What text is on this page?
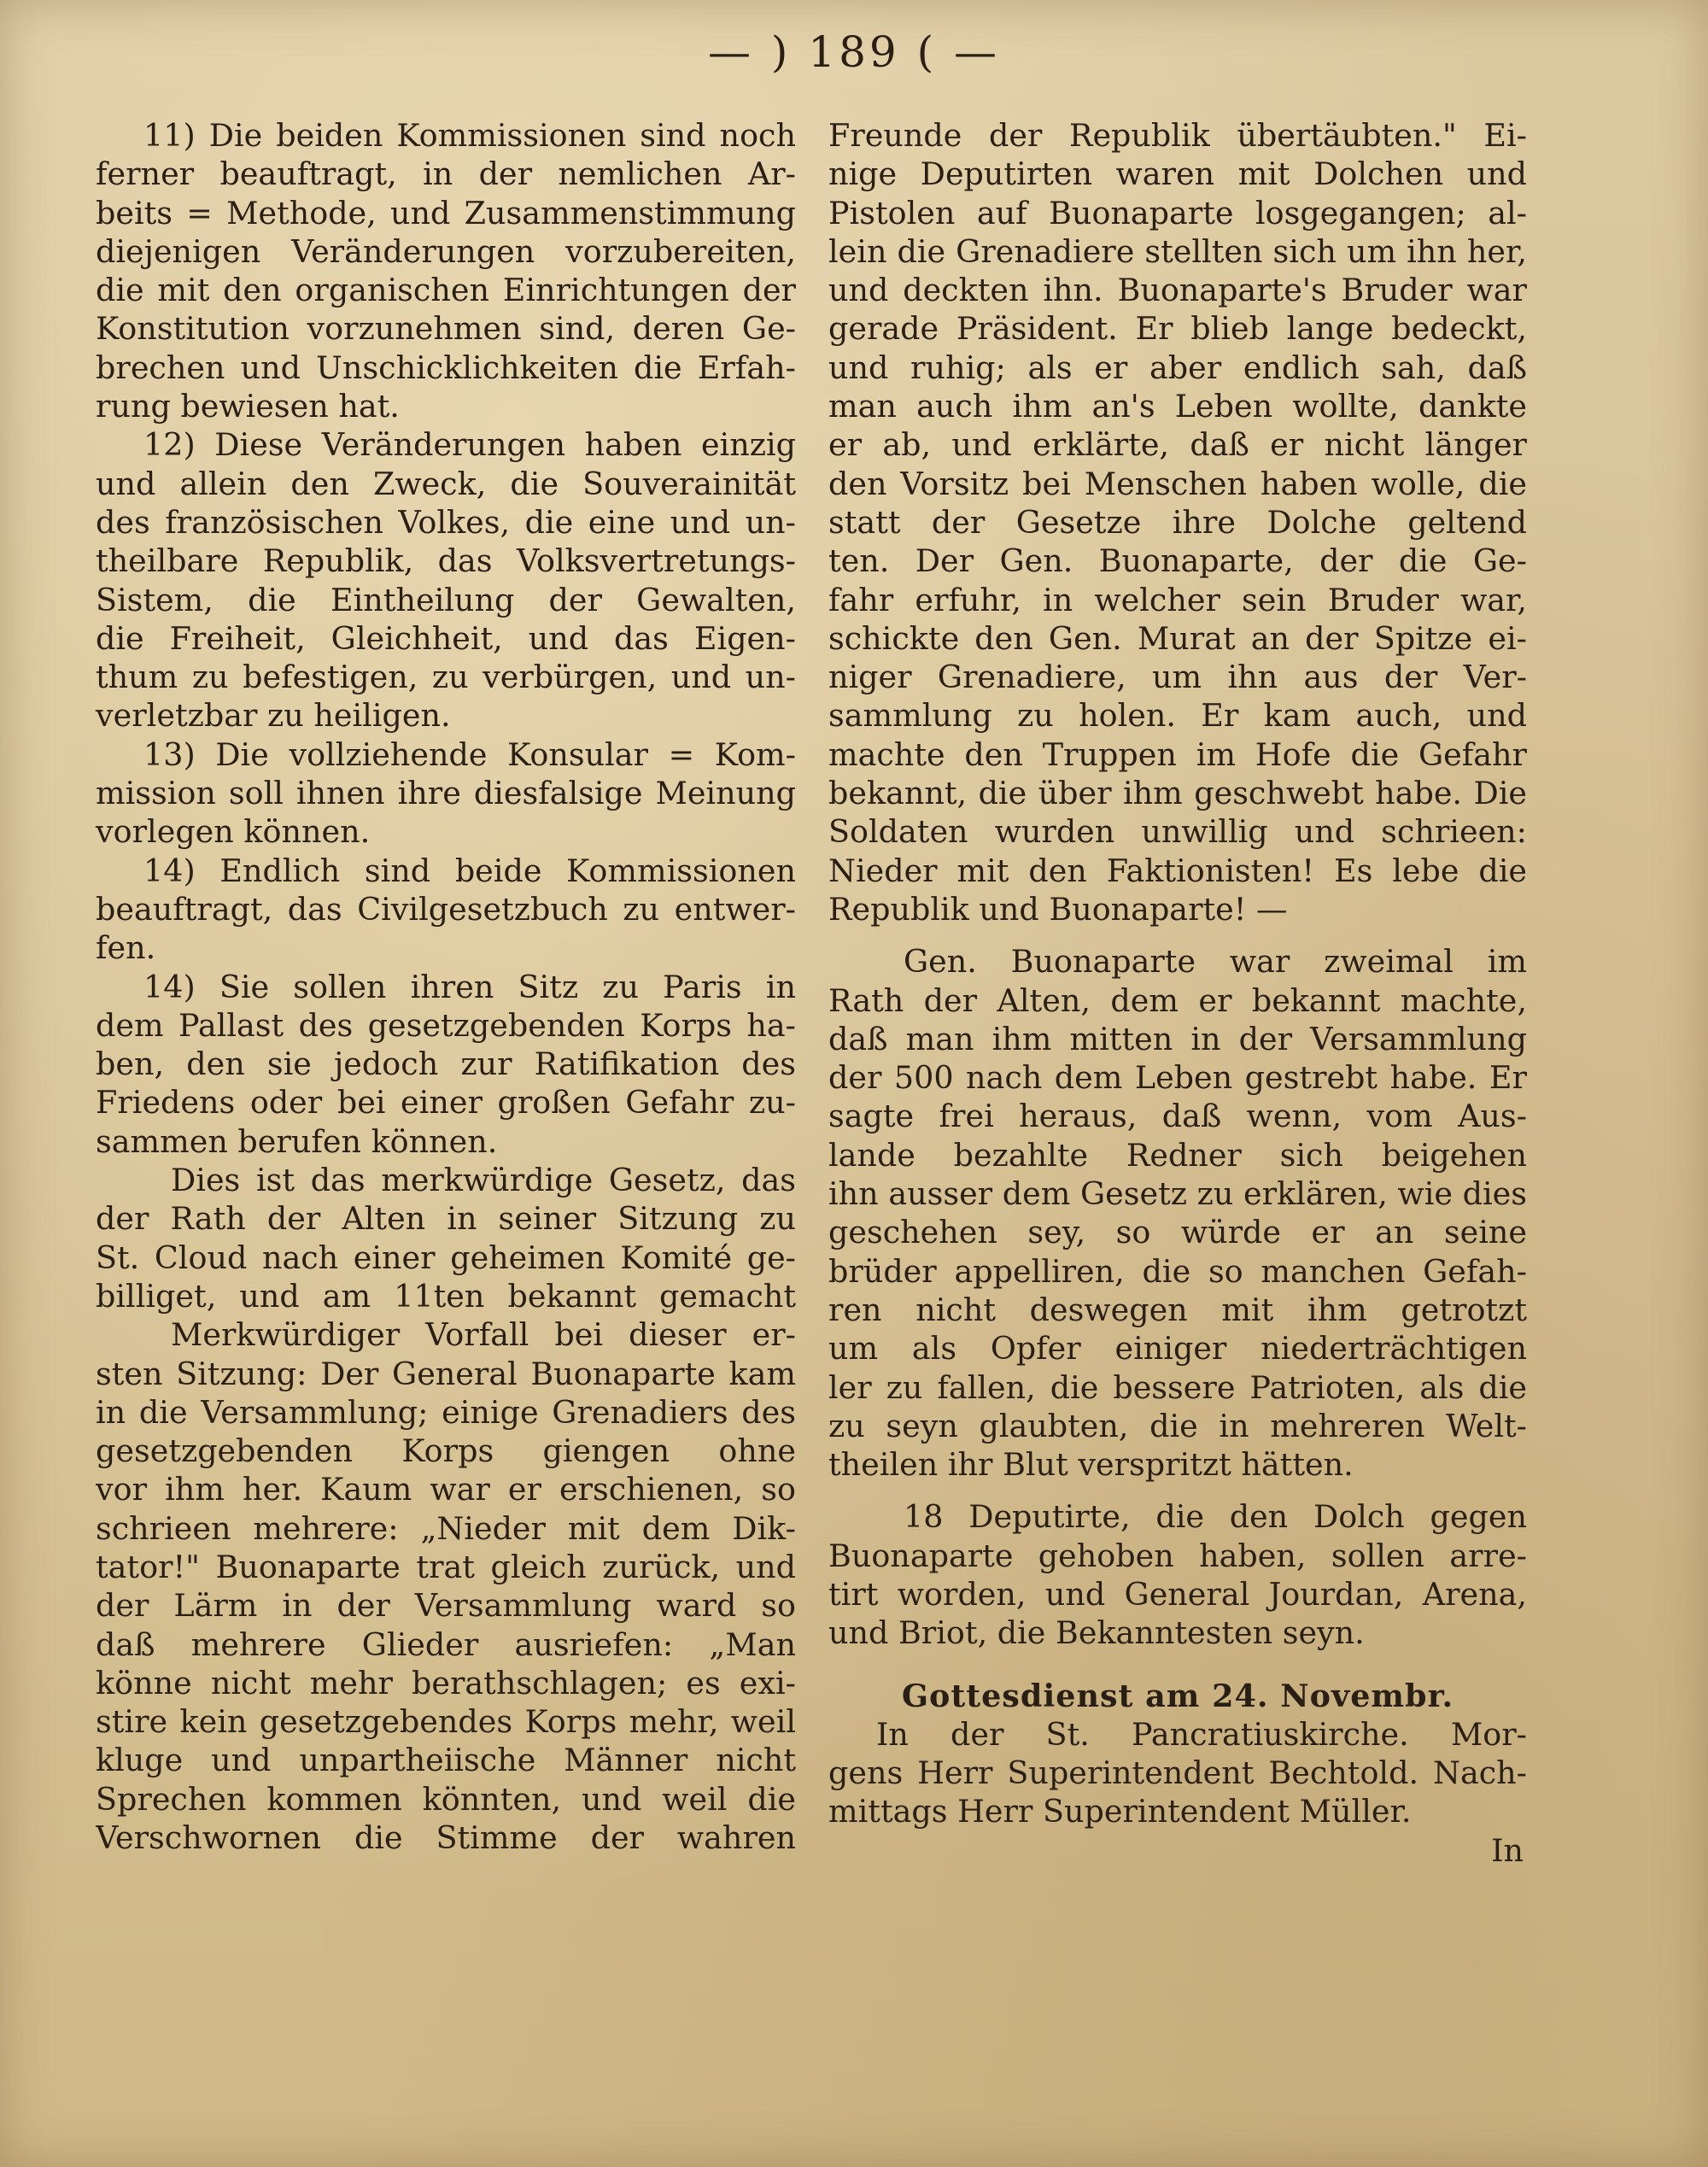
— ) 189 ( —
11) Die beiden Kommissionen sind noch
ferner beauftragt, in der nemlichen Ar-
beits = Methode, und Zusammenstimmung
diejenigen Veränderungen vorzubereiten,
die mit den organischen Einrichtungen der
Konstitution vorzunehmen sind, deren Ge-
brechen und Unschicklichkeiten die Erfah-
rung bewiesen hat.
12) Diese Veränderungen haben einzig
und allein den Zweck, die Souverainität
des französischen Volkes, die eine und un-
theilbare Republik, das Volksvertretungs-
Sistem, die Eintheilung der Gewalten,
die Freiheit, Gleichheit, und das Eigen-
thum zu befestigen, zu verbürgen, und un-
verletzbar zu heiligen.
13) Die vollziehende Konsular = Kom-
mission soll ihnen ihre diesfalsige Meinung
vorlegen können.
14) Endlich sind beide Kommissionen
beauftragt, das Civilgesetzbuch zu entwer-
fen.
14) Sie sollen ihren Sitz zu Paris in
dem Pallast des gesetzgebenden Korps ha-
ben, den sie jedoch zur Ratifikation des
Friedens oder bei einer großen Gefahr zu-
sammen berufen können.
Dies ist das merkwürdige Gesetz, das
der Rath der Alten in seiner Sitzung zu
St. Cloud nach einer geheimen Komité ge-
billiget, und am 11ten bekannt gemacht
Merkwürdiger Vorfall bei dieser er-
sten Sitzung: Der General Buonaparte kam
in die Versammlung; einige Grenadiers des
gesetzgebenden Korps giengen ohne
vor ihm her. Kaum war er erschienen, so
schrieen mehrere: „Nieder mit dem Dik-
tator!" Buonaparte trat gleich zurück, und
der Lärm in der Versammlung ward so
daß mehrere Glieder ausriefen: „Man
könne nicht mehr berathschlagen; es exi-
stire kein gesetzgebendes Korps mehr, weil
kluge und unpartheiische Männer nicht
Sprechen kommen könnten, und weil die
Verschwornen die Stimme der wahren
Freunde der Republik übertäubten." Ei-
nige Deputirten waren mit Dolchen und
Pistolen auf Buonaparte losgegangen; al-
lein die Grenadiere stellten sich um ihn her,
und deckten ihn. Buonaparte's Bruder war
gerade Präsident. Er blieb lange bedeckt,
und ruhig; als er aber endlich sah, daß
man auch ihm an's Leben wollte, dankte
er ab, und erklärte, daß er nicht länger
den Vorsitz bei Menschen haben wolle, die
statt der Gesetze ihre Dolche geltend
ten. Der Gen. Buonaparte, der die Ge-
fahr erfuhr, in welcher sein Bruder war,
schickte den Gen. Murat an der Spitze ei-
niger Grenadiere, um ihn aus der Ver-
sammlung zu holen. Er kam auch, und
machte den Truppen im Hofe die Gefahr
bekannt, die über ihm geschwebt habe. Die
Soldaten wurden unwillig und schrieen:
Nieder mit den Faktionisten! Es lebe die
Republik und Buonaparte! —
Gen. Buonaparte war zweimal im
Rath der Alten, dem er bekannt machte,
daß man ihm mitten in der Versammlung
der 500 nach dem Leben gestrebt habe. Er
sagte frei heraus, daß wenn, vom Aus-
lande bezahlte Redner sich beigehen
ihn ausser dem Gesetz zu erklären, wie dies
geschehen sey, so würde er an seine
brüder appelliren, die so manchen Gefah-
ren nicht deswegen mit ihm getrotzt
um als Opfer einiger niederträchtigen
ler zu fallen, die bessere Patrioten, als die
zu seyn glaubten, die in mehreren Welt-
theilen ihr Blut verspritzt hätten.
18 Deputirte, die den Dolch gegen
Buonaparte gehoben haben, sollen arre-
tirt worden, und General Jourdan, Arena,
und Briot, die Bekanntesten seyn.
Gottesdienst am 24. Novembr.
In der St. Pancratiuskirche. Mor-
gens Herr Superintendent Bechtold. Nach-
mittags Herr Superintendent Müller.
In
